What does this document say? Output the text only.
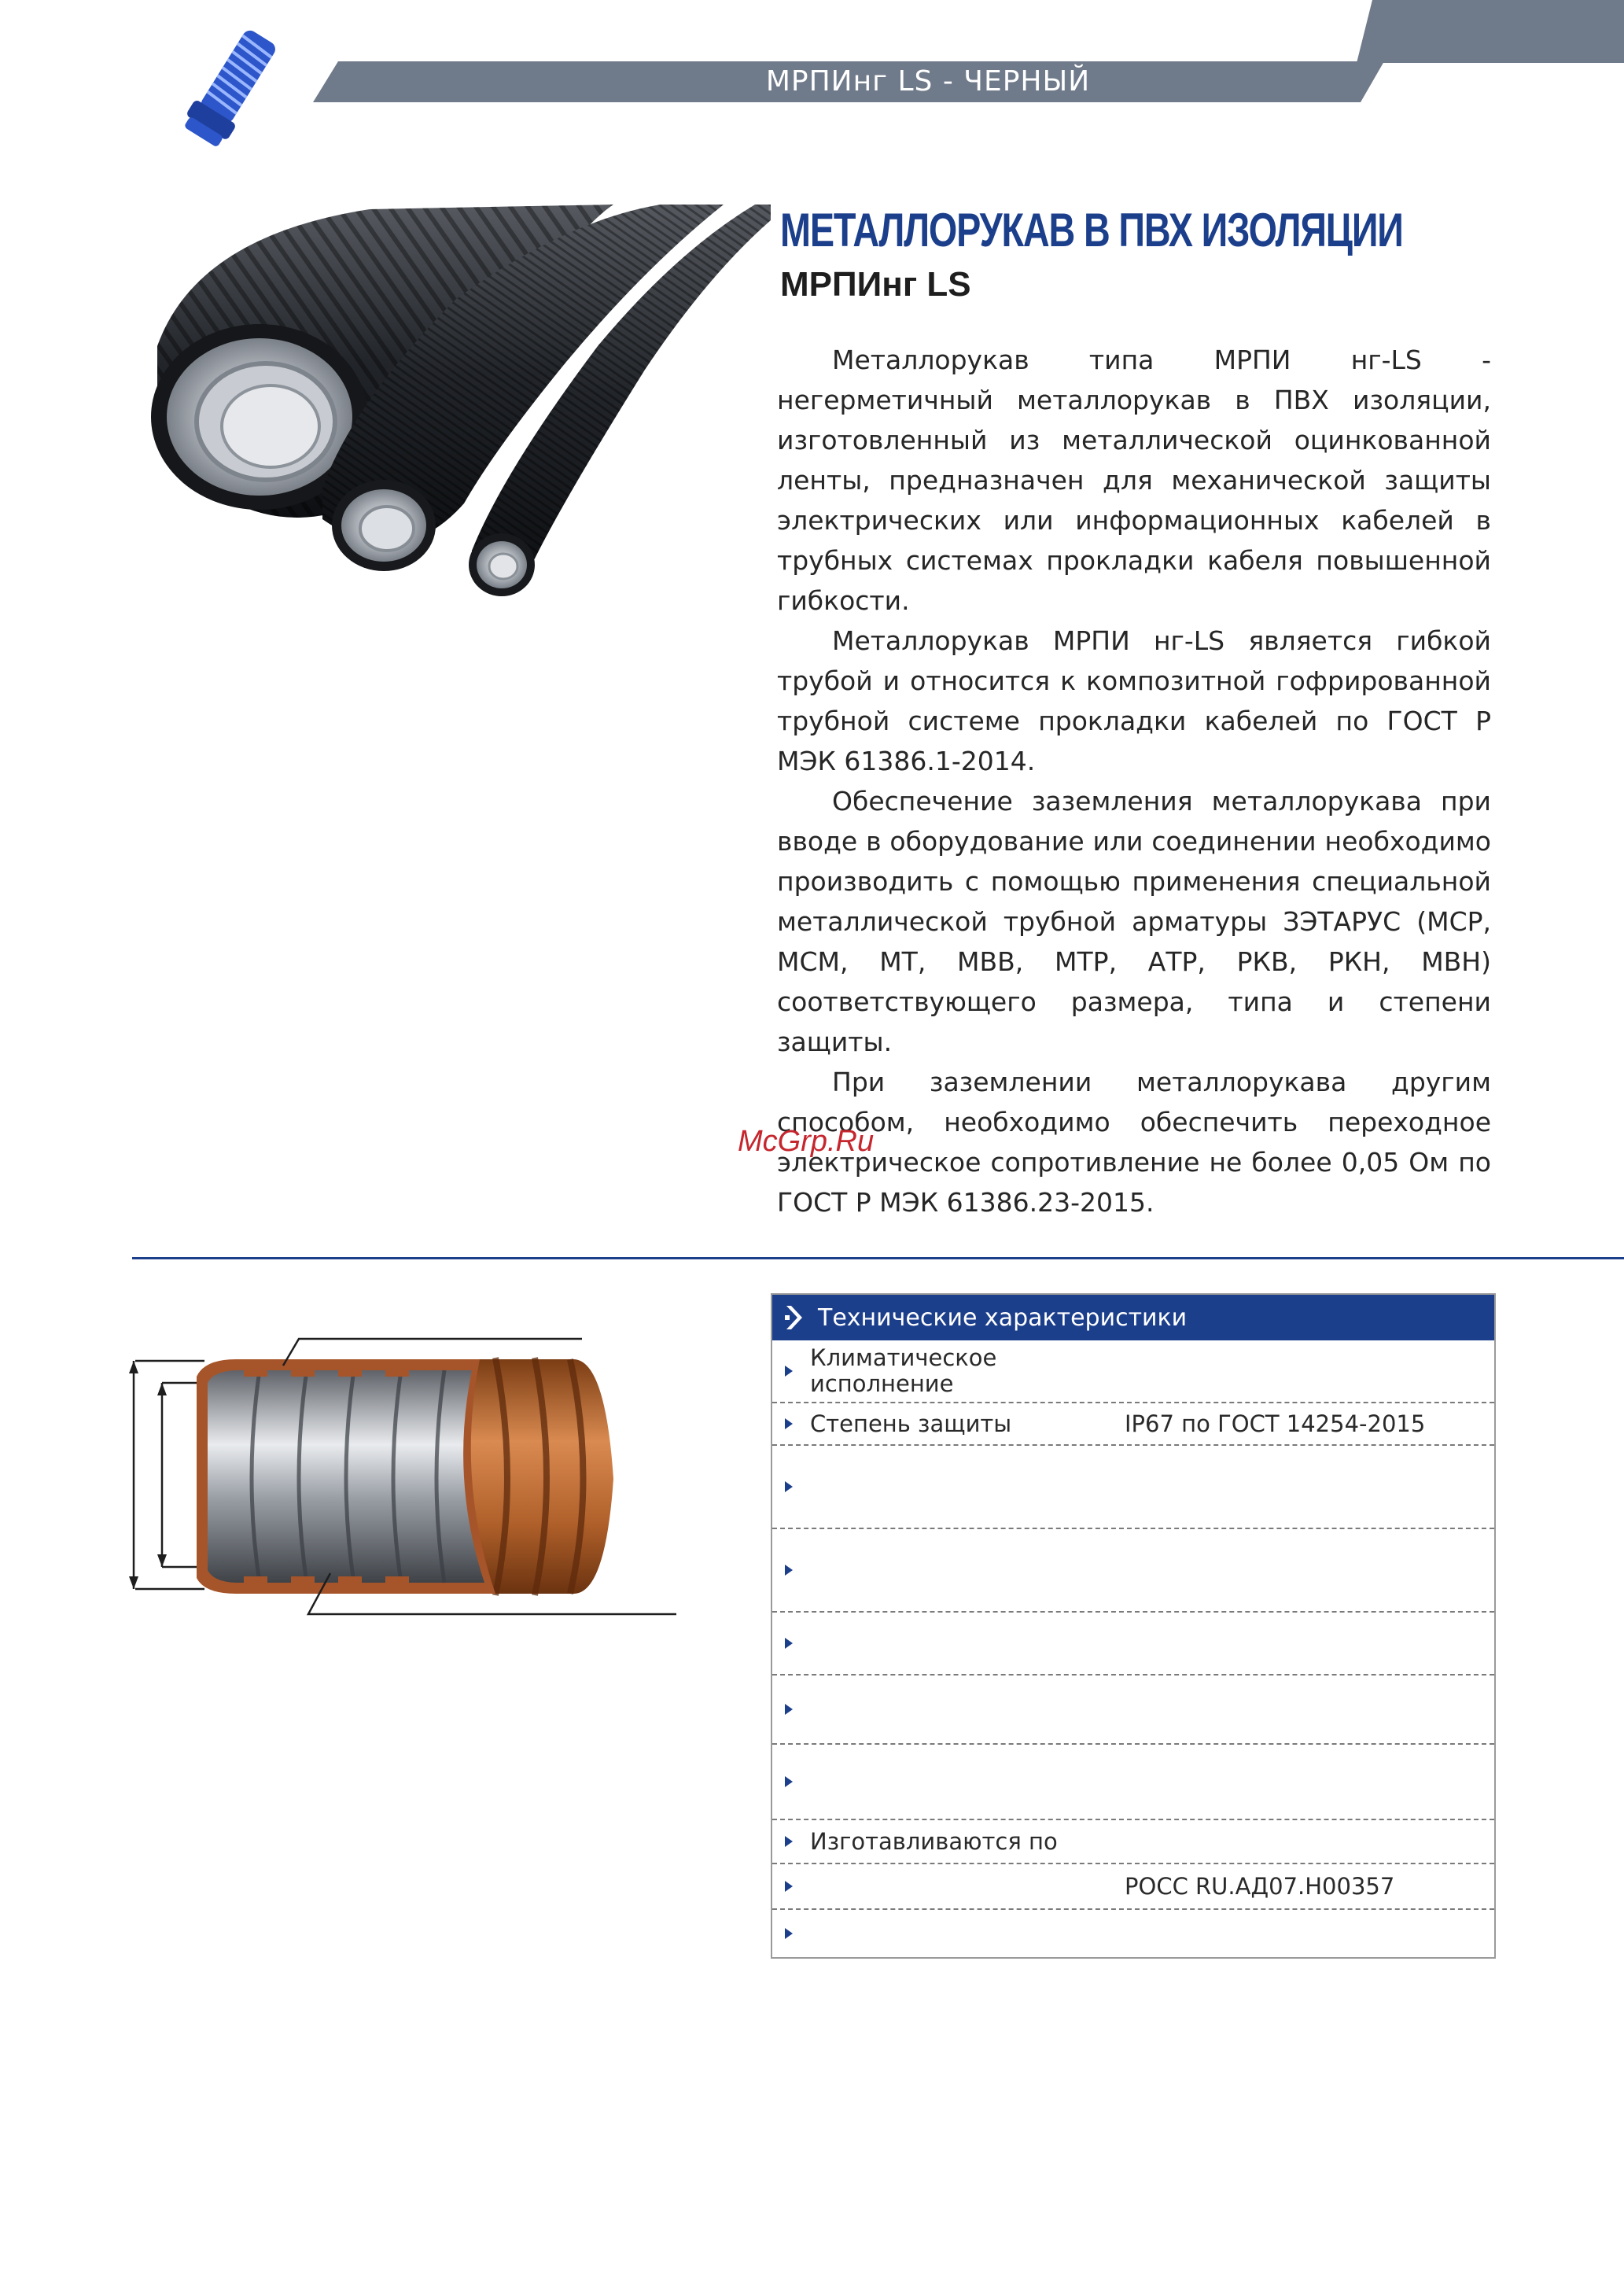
МРПИнг LS - ЧЕРНЫЙ
МЕТАЛЛОРУКАВ В ПВХ ИЗОЛЯЦИИ
МРПИнг LS

Металлорукав типа МРПИ нг-LS - негерметичный металлорукав в ПВХ изоляции, изготовленный из металлической оцинкованной ленты, предназначен для механической защиты электрических или информационных кабелей в трубных системах прокладки кабеля повышенной гибкости.

Металлорукав МРПИ нг-LS является гибкой трубой и относится к композитной гофрированной трубной системе прокладки кабелей по ГОСТ Р МЭК 61386.1-2014.

Обеспечение заземления металлорукава при вводе в оборудование или соединении необходимо производить с помощью применения специальной металлической трубной арматуры ЗЭТАРУС (МСР, МСМ, МТ, МВВ, МТР, АТР, РКВ, РКН, МВН) соответствующего размера, типа и степени защиты.

При заземлении металлорукава другим способом, необходимо обеспечить переходное электрическое сопротивление не более 0,05 Ом по ГОСТ Р МЭК 61386.23-2015.

McGrp.Ru
Технические характеристики
Климатическое исполнение
Степень защиты	IP67 по ГОСТ 14254-2015
Изготавливаются по
РОСС RU.АД07.Н00357
